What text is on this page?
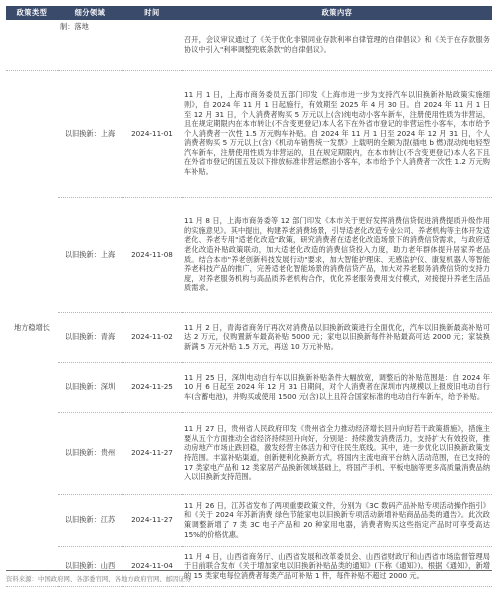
政策类型	细分领域	时间	政策内容
	制：落地		召开，会议审议通过了《关于优化非银同业存款利率自律管理的自律倡议》和《关于在存款服务协议中引入"利率调整兜底条款"的自律倡议》。
地方稳增长	以旧换新：上海	2024-11-01	11 月 1 日，上海市商务委员五部门印发《上海市进一步为支持汽车以旧换新补贴政策实施细则》，自 2024 年 11 月 1 日起施行，有效期至 2025 年 4 月 30 日。自 2024 年 11 月 1 日至 12 月 31 日，个人消费者购买 5 万元以上(含)纯电动小客车新车，注册使用性质为非营运，且在规定期限内在本市转让(不含变更登记)本人名下在外省市登记的非营运性小客车，本市给予个人消费者一次性 1.5 万元购车补贴。自 2024 年 11 月 1 日至 2024 年 12 月 31 日，个人消费者购买 5 万元以上(含)《机动车销售统一发票》上载明的全额为混(插电 b 燃)混动纯电轻型汽车新车，注册使用性质为非营运的，且在规定期限内，在本市转让(不含变更登记)本人名下且在外省市登记的国五及以下排放标准非营运燃油小客车，本市给予个人消费者一次性 1.2 万元购车补贴。
	以旧换新：上海	2024-11-08	11 月 8 日，上海市商务委等 12 部门印发《本市关于更好发挥消费信贷促进消费提质升级作用的实施意见》。其中提出，构建养老消费场景，引导适老化改造专业公司、养老机构等主体开发适老化、养老专用"适老化改造"政策，研究消费者在适老化改造场景下的消费信贷需求，与政府适老化改造补贴政策联动，加大适老化改造的消费信贷投入力度，助力老年群体提升居家养老品质。结合本市"养老创新科技发展行动"要求，加大智能护理床、无感监护仪、康复机器人等智能养老科技产品的推广，完善适老化智能场景的消费信贷产品，加大对养老服务消费信贷的支持力度，对养老服务机构与高品质养老机构合作，优化养老服务费用支付模式，对接提升养老生活品质需求。
	以旧换新：青海	2024-11-02	11 月 2 日，青海省商务厅再次对消费品以旧换新政策进行全面优化，汽车以旧换新最高补贴可达 2 万元，仪购置新车最高补贴 5000 元；家电以旧换新每件补贴最高可达 2000 元；家装换新满 5 万元补贴 1.5 万元，再送 10 万元补贴。
	以旧换新：深圳	2024-11-25	11 月 25 日，深圳电动自行车以旧换新补贴条件大幅放宽，调整后的补贴范围是：自 2024 年 10 月 6 日起至 2024 年 12 月 31 日期间，对个人消费者在深圳市内规模以上报废旧电动自行车(含蓄电池)，并购买或使用 1500 元(含)以上且符合国家标准的电动自行车新车，给予补贴。
	以旧换新：贵州	2024-11-27	11 月 27 日，贵州省人民政府印发《贵州省全力推动经济增长回升向好若干政策措施》，措施主要从五个方面推动全省经济持续回升向好，分别是：持续激发消费活力，支持扩大有效投资，推动房地产市场止跌回稳，激发经营主体活力和守住民生底线。其中，进一步优化以旧换新政策支持范围。丰富补贴渠道，创新便利化换新方式，将国内主流电商平台纳入活动范围，在已支持的 17 类家电产品和 12 类家居产品换新领域基础上，将国产手机、平板电脑等更多高质量消费品纳入以旧换新支持范围。
	以旧换新：江苏	2024-11-27	11 月 26 日，江苏省发布了两项重要政策文件，分别为《3C 数码产品补贴专项活动操作指引》和《关于 2024 年苏新消费 绿色节能家电以旧换新专项活动新增补贴商品品类的通告》。此次政策调整新增了 7 类 3C 电子产品和 20 种家用电器，消费者购买这些指定产品时可享受高达 15%的价格优惠。
	以旧换新：山西	2024-11-04	11 月 4 日，山西省商务厅、山西省发展和改革委员会、山西省财政厅和山西省市场监督管理局于日前联合发布《关于增加家电以旧换新补贴品类的通知》(下称《通知》)。根据《通知》，新增的 15 类家电每位消费者每类产品可补贴 1 件，每件补贴不超过 2000 元。
资料来源：中国政府网、各部委官网、各地方政府官网、邮因证券
